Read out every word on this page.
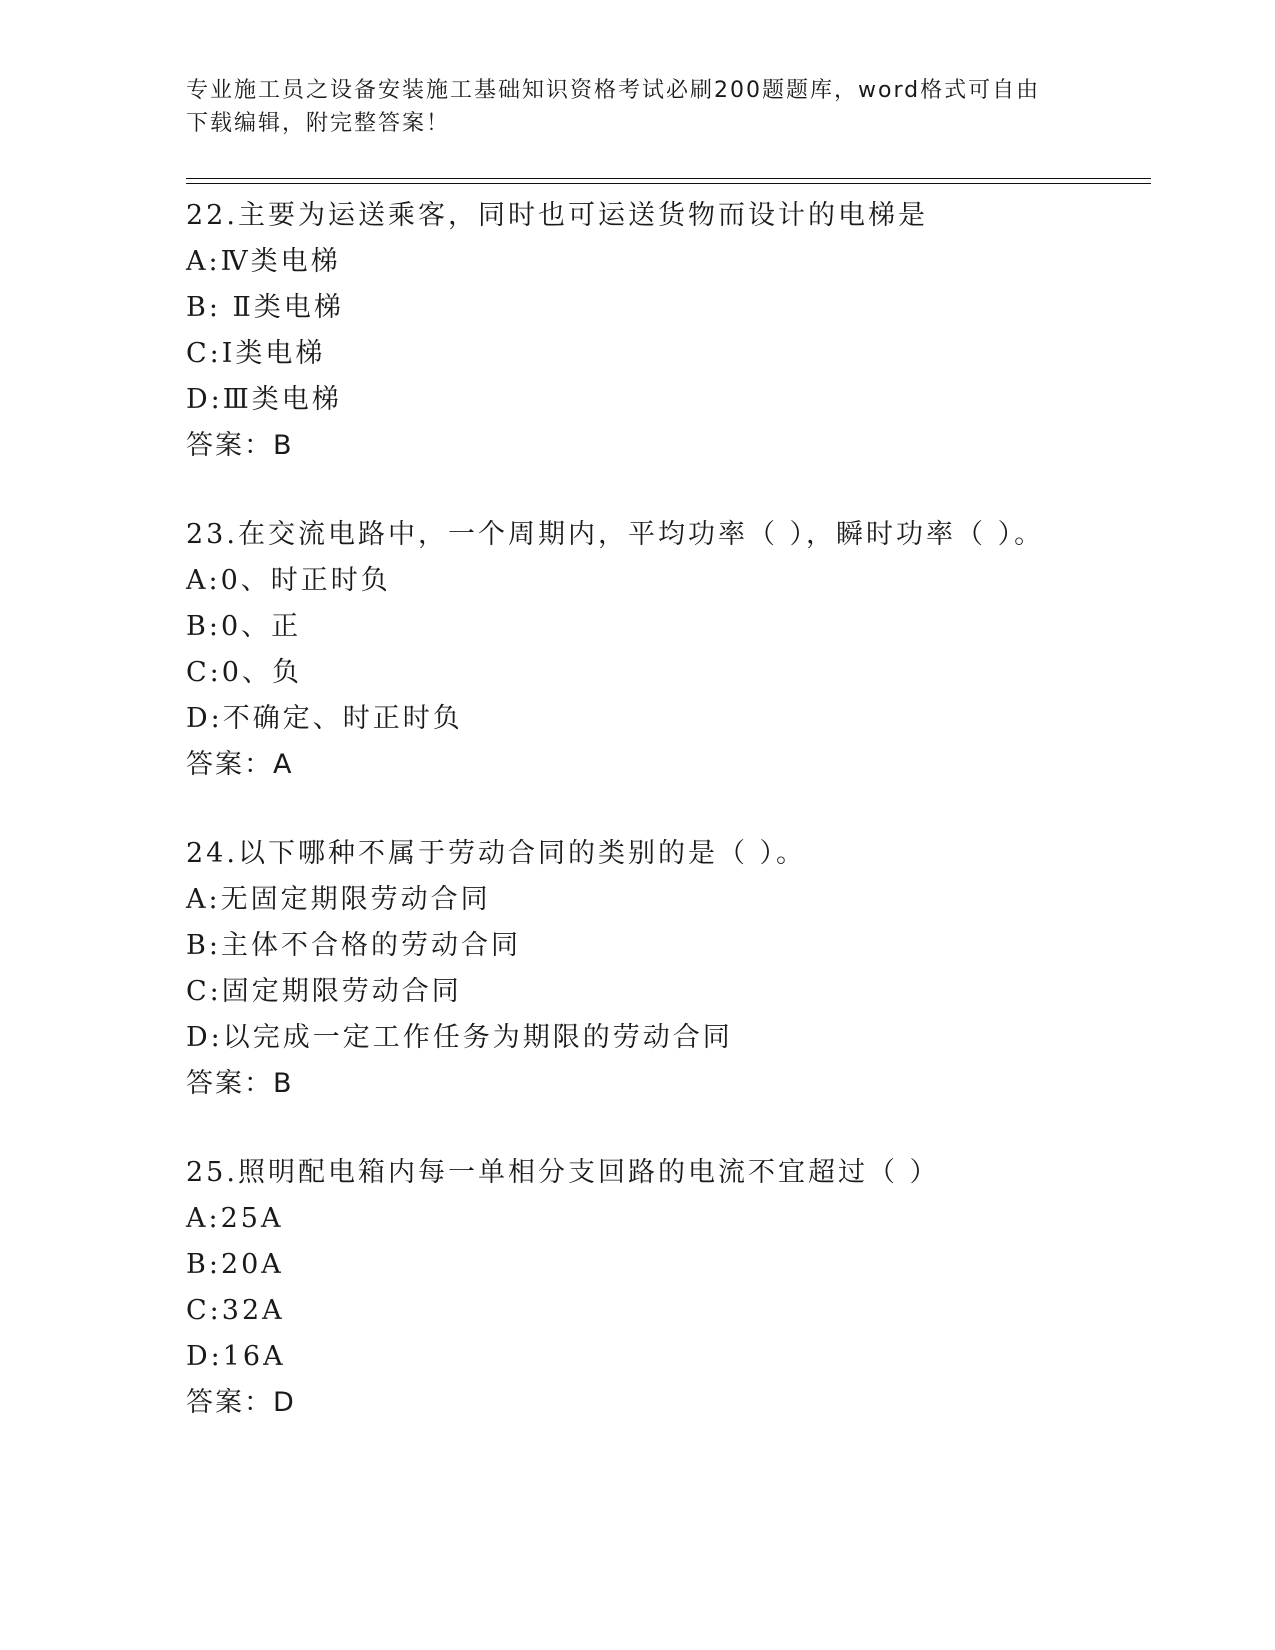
专业施工员之设备安装施工基础知识资格考试必刷200题题库，word格式可自由
下载编辑，附完整答案！
22.主要为运送乘客，同时也可运送货物而设计的电梯是
A:Ⅳ类电梯
B: Ⅱ类电梯
C:Ⅰ类电梯
D:Ⅲ类电梯
答案：B
23.在交流电路中，一个周期内，平均功率（ ），瞬时功率（ ）。
A:0、时正时负
B:0、正
C:0、负
D:不确定、时正时负
答案：A
24.以下哪种不属于劳动合同的类别的是（ ）。
A:无固定期限劳动合同
B:主体不合格的劳动合同
C:固定期限劳动合同
D:以完成一定工作任务为期限的劳动合同
答案：B
25.照明配电箱内每一单相分支回路的电流不宜超过（ ）
A:25A
B:20A
C:32A
D:16A
答案：D
